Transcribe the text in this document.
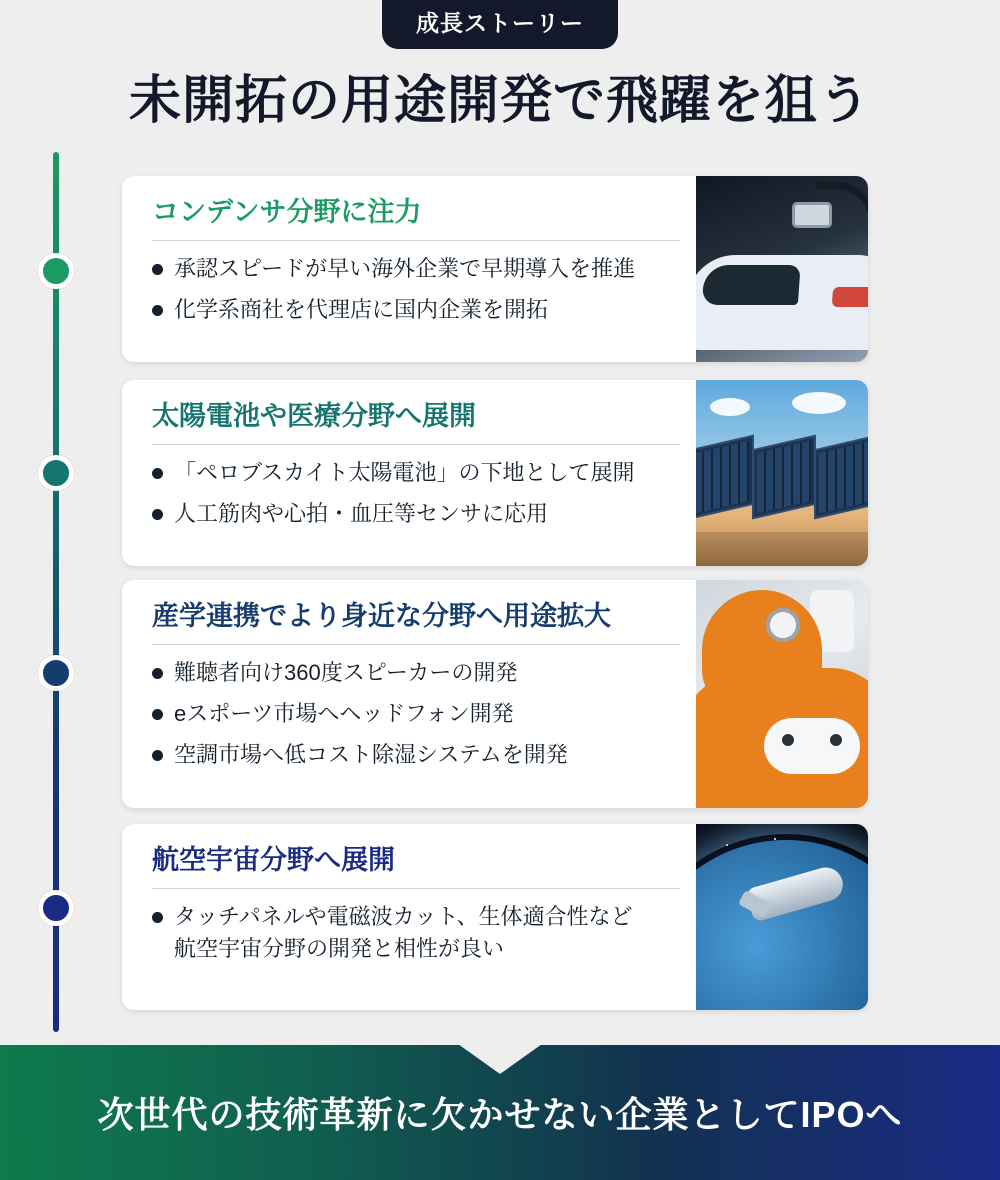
成長ストーリー
未開拓の用途開発で飛躍を狙う
コンデンサ分野に注力
承認スピードが早い海外企業で早期導入を推進
化学系商社を代理店に国内企業を開拓
太陽電池や医療分野へ展開
「ペロブスカイト太陽電池」の下地として展開
人工筋肉や心拍・血圧等センサに応用
産学連携でより身近な分野へ用途拡大
難聴者向け360度スピーカーの開発
eスポーツ市場へヘッドフォン開発
空調市場へ低コスト除湿システムを開発
航空宇宙分野へ展開
タッチパネルや電磁波カット、生体適合性など
航空宇宙分野の開発と相性が良い
次世代の技術革新に欠かせない企業としてIPOへ
